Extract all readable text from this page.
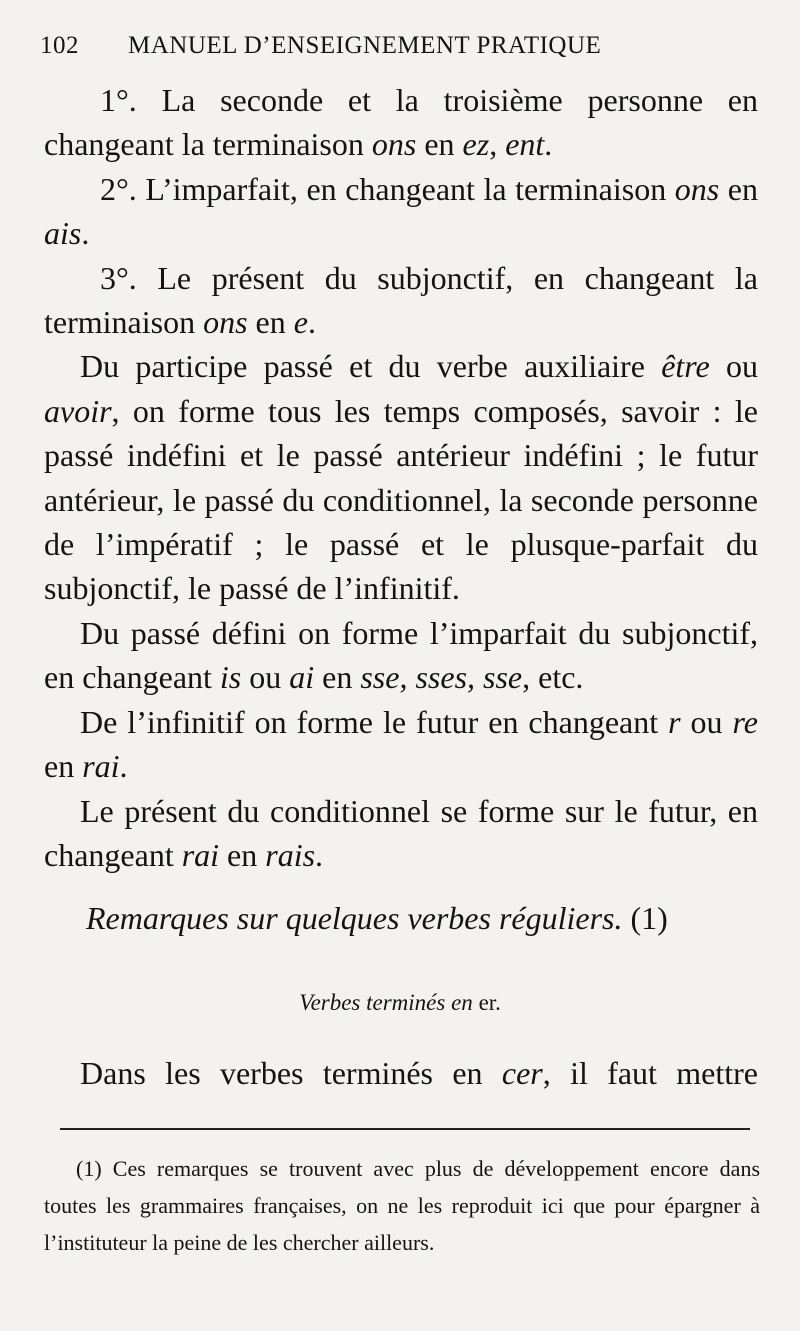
102 MANUEL D’ENSEIGNEMENT PRATIQUE

1°. La seconde et la troisième personne en changeant la terminaison ons en ez, ent.

2°. L’imparfait, en changeant la terminaison ons en ais.

3°. Le présent du subjonctif, en changeant la terminaison ons en e.

Du participe passé et du verbe auxiliaire être ou avoir, on forme tous les temps composés, savoir : le passé indéfini et le passé antérieur indéfini ; le futur antérieur, le passé du conditionnel, la seconde personne de l’impératif ; le passé et le plusque-parfait du subjonctif, le passé de l’infinitif.

Du passé défini on forme l’imparfait du subjonctif, en changeant is ou ai en sse, sses, sse, etc.

De l’infinitif on forme le futur en changeant r ou re en rai.

Le présent du conditionnel se forme sur le futur, en changeant rai en rais.

Remarques sur quelques verbes réguliers. (1)
Verbes terminés en er.
Dans les verbes terminés en cer, il faut mettre

(1) Ces remarques se trouvent avec plus de développement encore dans toutes les grammaires françaises, on ne les reproduit ici que pour épargner à l’instituteur la peine de les chercher ailleurs.
